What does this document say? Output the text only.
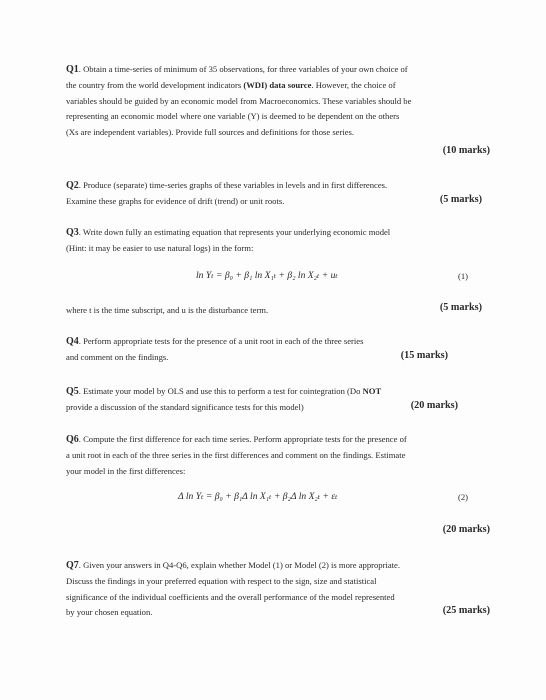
Q1. Obtain a time-series of minimum of 35 observations, for three variables of your own choice of
the country from the world development indicators (WDI) data source. However, the choice of
variables should be guided by an economic model from Macroeconomics. These variables should be
representing an economic model where one variable (Y) is deemed to be dependent on the others
(Xs are independent variables). Provide full sources and definitions for those series.
(10 marks)
Q2. Produce (separate) time-series graphs of these variables in levels and in first differences.
Examine these graphs for evidence of drift (trend) or unit roots.	(5 marks)
Q3. Write down fully an estimating equation that represents your underlying economic model
(Hint: it may be easier to use natural logs) in the form:
ln Yₜ = β₀ + β₁ ln X₁ₜ + β₂ ln X₂ₜ + uₜ	(1)
where t is the time subscript, and u is the disturbance term.	(5 marks)
Q4. Perform appropriate tests for the presence of a unit root in each of the three series
and comment on the findings.	(15 marks)
Q5. Estimate your model by OLS and use this to perform a test for cointegration (Do NOT
provide a discussion of the standard significance tests for this model)	(20 marks)
Q6. Compute the first difference for each time series. Perform appropriate tests for the presence of
a unit root in each of the three series in the first differences and comment on the findings. Estimate
your model in the first differences:
Δ ln Yₜ = β₀ + β₁Δ ln X₁ₜ + β₂Δ ln X₂ₜ + εₜ	(2)
(20 marks)
Q7. Given your answers in Q4-Q6, explain whether Model (1) or Model (2) is more appropriate.
Discuss the findings in your preferred equation with respect to the sign, size and statistical
significance of the individual coefficients and the overall performance of the model represented
by your chosen equation.	(25 marks)
